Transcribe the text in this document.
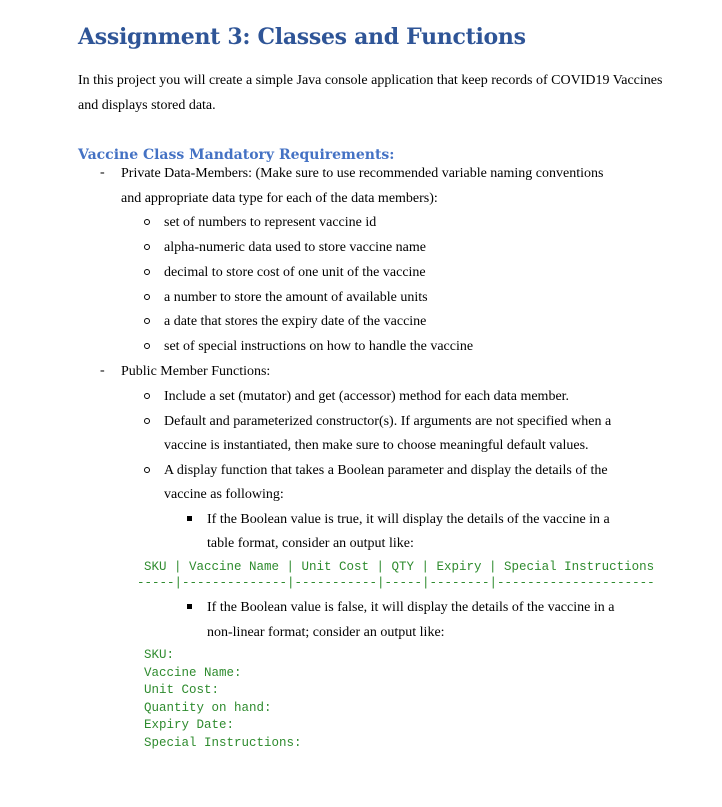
Assignment 3: Classes and Functions

In this project you will create a simple Java console application that keep records of COVID19 Vaccines and displays stored data.

Vaccine Class Mandatory Requirements:
- Private Data-Members: (Make sure to use recommended variable naming conventions
and appropriate data type for each of the data members):
set of numbers to represent vaccine id
alpha-numeric data used to store vaccine name
decimal to store cost of one unit of the vaccine
a number to store the amount of available units
a date that stores the expiry date of the vaccine
set of special instructions on how to handle the vaccine
- Public Member Functions:
Include a set (mutator) and get (accessor) method for each data member.
Default and parameterized constructor(s). If arguments are not specified when a
vaccine is instantiated, then make sure to choose meaningful default values.
A display function that takes a Boolean parameter and display the details of the
vaccine as following:
If the Boolean value is true, it will display the details of the vaccine in a
table format, consider an output like:
SKU | Vaccine Name | Unit Cost | QTY | Expiry | Special Instructions
-----|--------------|-----------|-----|--------|---------------------
If the Boolean value is false, it will display the details of the vaccine in a
non-linear format; consider an output like:
SKU:
Vaccine Name:
Unit Cost:
Quantity on hand:
Expiry Date:
Special Instructions:
